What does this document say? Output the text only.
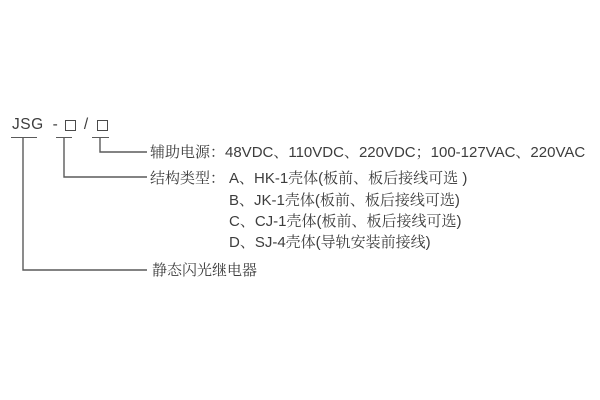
JSG - /
辅助电源：48VDC、110VDC、220VDC；100-127VAC、220VAC
结构类型： A、HK-1壳体(板前、板后接线可选 )
B、JK-1壳体(板前、板后接线可选)
C、CJ-1壳体(板前、板后接线可选)
D、SJ-4壳体(导轨安装前接线)
静态闪光继电器
